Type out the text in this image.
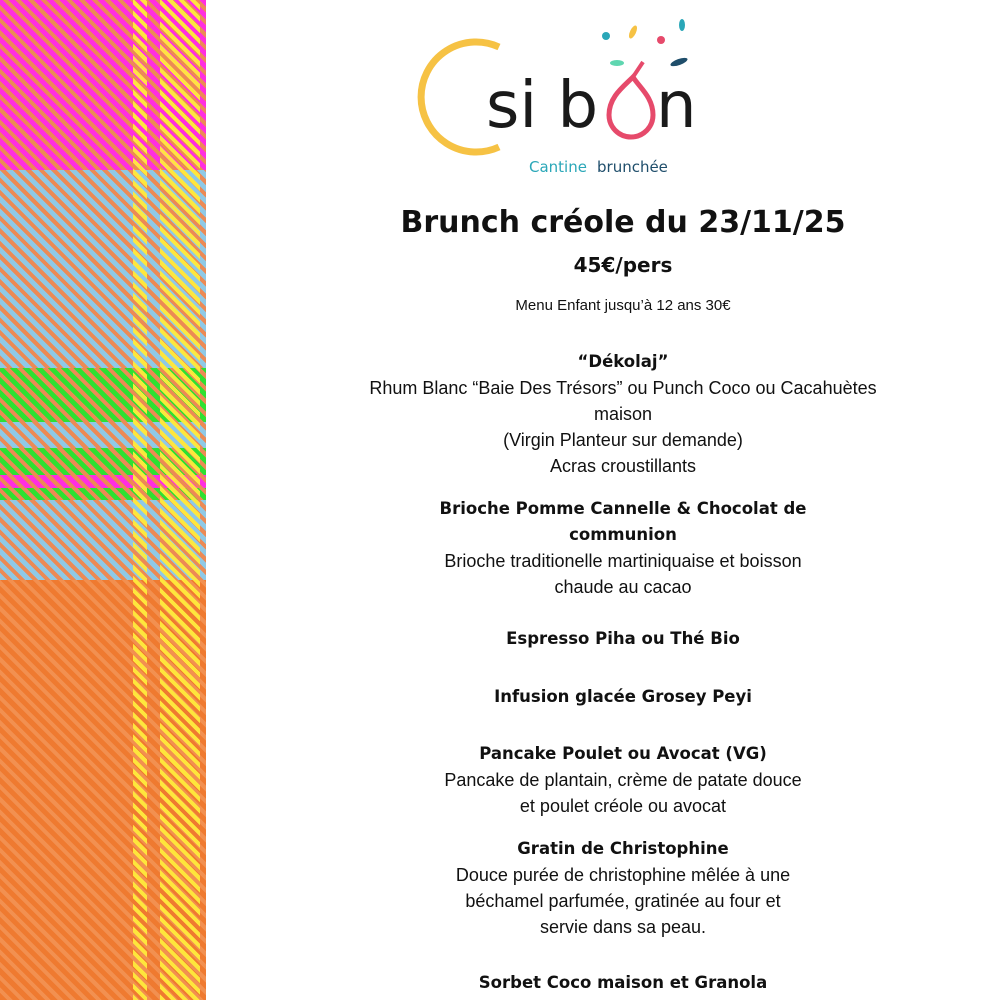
si b n
Cantine brunchée
Brunch créole du 23/11/25
45€/pers
Menu Enfant jusqu’à 12 ans 30€

“Dékolaj”

Rhum Blanc “Baie Des Trésors” ou Punch Coco ou Cacahuètes

maison

(Virgin Planteur sur demande)

Acras croustillants

Brioche Pomme Cannelle & Chocolat de

communion

Brioche traditionelle martiniquaise et boisson

chaude au cacao

Espresso Piha ou Thé Bio

Infusion glacée Grosey Peyi

Pancake Poulet ou Avocat (VG)

Pancake de plantain, crème de patate douce

et poulet créole ou avocat

Gratin de Christophine

Douce purée de christophine mêlée à une

béchamel parfumée, gratinée au four et

servie dans sa peau.

Sorbet Coco maison et Granola
